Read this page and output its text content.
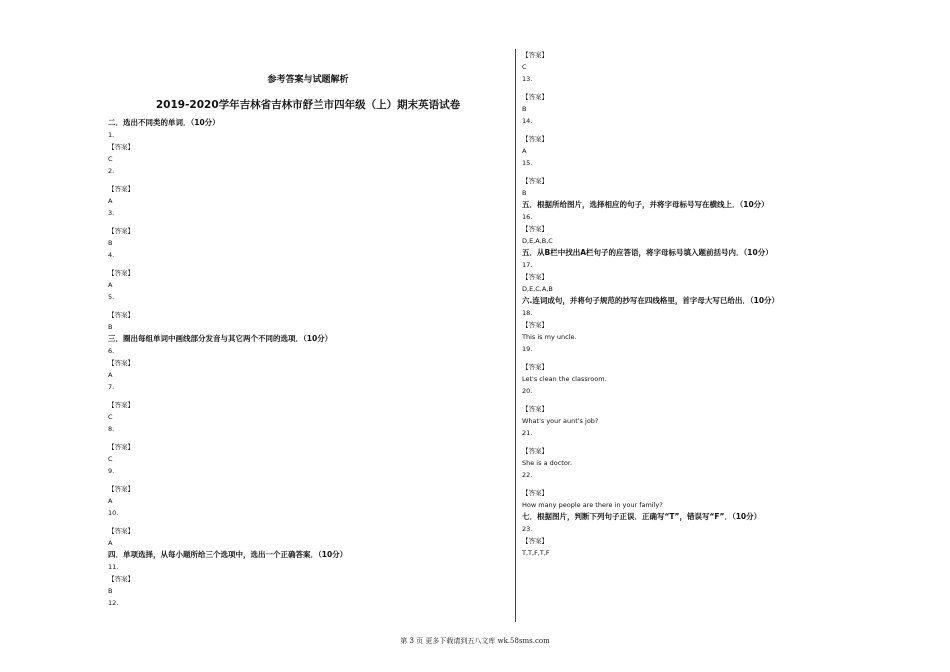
参考答案与试题解析
2019-2020学年吉林省吉林市舒兰市四年级（上）期末英语试卷
二．选出不同类的单词．（10分）
1.
【答案】
C
2.
【答案】
A
3.
【答案】
B
4.
【答案】
A
5.
【答案】
B
三．圈出每组单词中画线部分发音与其它两个不同的选项．（10分）
6.
【答案】
A
7.
【答案】
C
8.
【答案】
C
9.
【答案】
A
10.
【答案】
A
四．单项选择，从每小题所给三个选项中，选出一个正确答案．（10分）
11.
【答案】
B
12.
【答案】
C
13.
【答案】
B
14.
【答案】
A
15.
【答案】
B
五．根据所给图片，选择相应的句子，并将字母标号写在横线上．（10分）
16.
【答案】
D,E,A,B,C
五．从B栏中找出A栏句子的应答语，将字母标号填入题前括号内．（10分）
17.
【答案】
D,E,C,A,B
六.连词成句，并将句子规范的抄写在四线格里，首字母大写已给出．（10分）
18.
【答案】
This is my uncle.
19.
【答案】
Let's clean the classroom.
20.
【答案】
What's your aunt's job?
21.
【答案】
She is a doctor.
22.
【答案】
How many people are there in your family?
七．根据图片，判断下列句子正误．正确写“T”，错误写“F”．（10分）
23.
【答案】
T,T,F,T,F
第 3 页 更多下载请到五八文库 wk.58sms.com
